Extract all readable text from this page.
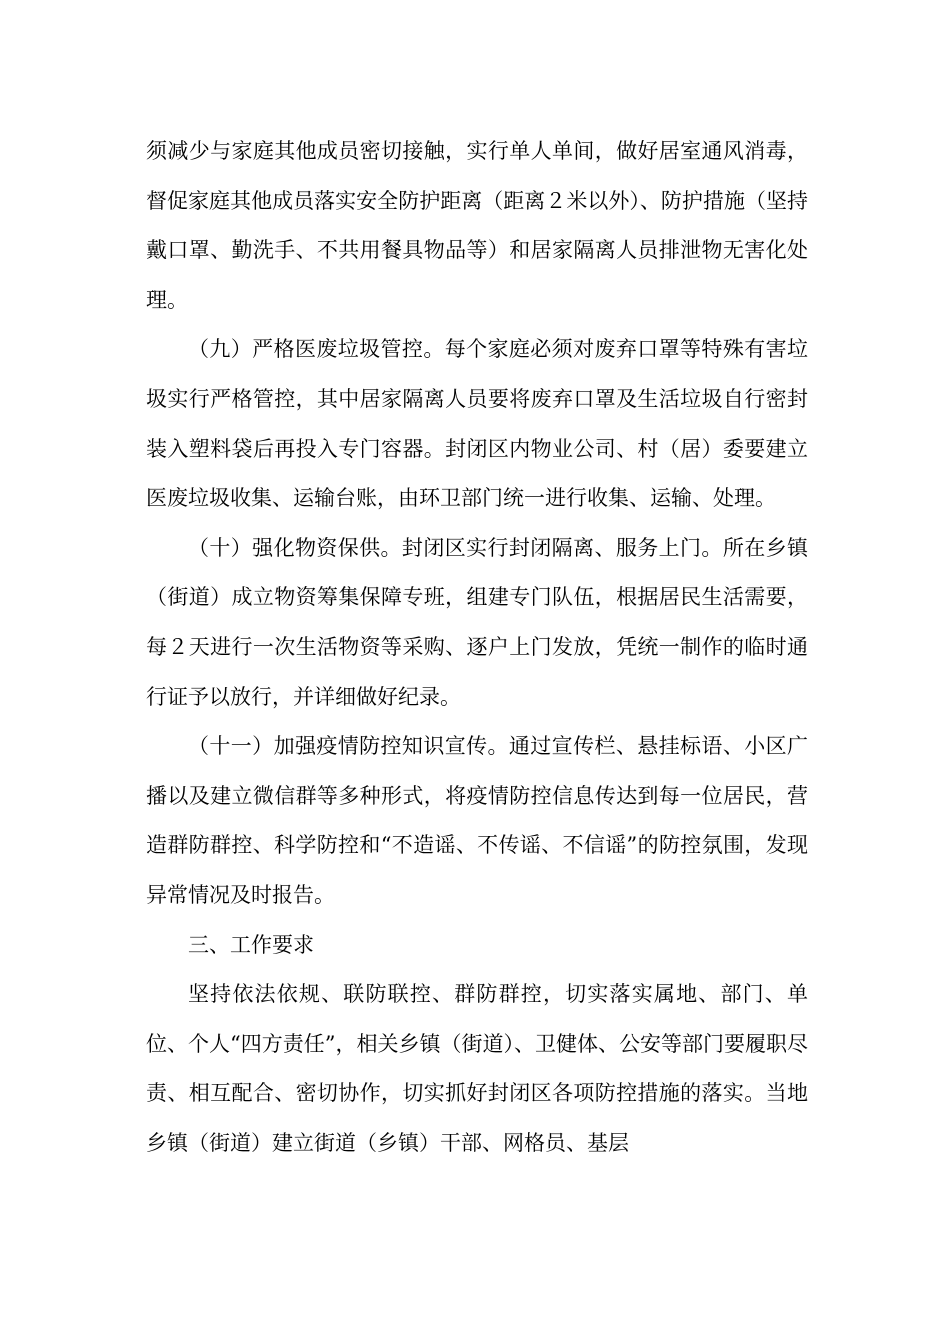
须减少与家庭其他成员密切接触，实行单人单间，做好居室通风消毒，督促家庭其他成员落实安全防护距离（距离２米以外）、防护措施（坚持戴口罩、勤洗手、不共用餐具物品等）和居家隔离人员排泄物无害化处理。

（九）严格医废垃圾管控。每个家庭必须对废弃口罩等特殊有害垃圾实行严格管控，其中居家隔离人员要将废弃口罩及生活垃圾自行密封装入塑料袋后再投入专门容器。封闭区内物业公司、村（居）委要建立医废垃圾收集、运输台账，由环卫部门统一进行收集、运输、处理。

（十）强化物资保供。封闭区实行封闭隔离、服务上门。所在乡镇（街道）成立物资筹集保障专班，组建专门队伍，根据居民生活需要，每２天进行一次生活物资等采购、逐户上门发放，凭统一制作的临时通行证予以放行，并详细做好纪录。

（十一）加强疫情防控知识宣传。通过宣传栏、悬挂标语、小区广播以及建立微信群等多种形式，将疫情防控信息传达到每一位居民，营造群防群控、科学防控和“不造谣、不传谣、不信谣”的防控氛围，发现异常情况及时报告。

三、工作要求

坚持依法依规、联防联控、群防群控，切实落实属地、部门、单位、个人“四方责任”，相关乡镇（街道）、卫健体、公安等部门要履职尽责、相互配合、密切协作，切实抓好封闭区各项防控措施的落实。当地乡镇（街道）建立街道（乡镇）干部、网格员、基层
